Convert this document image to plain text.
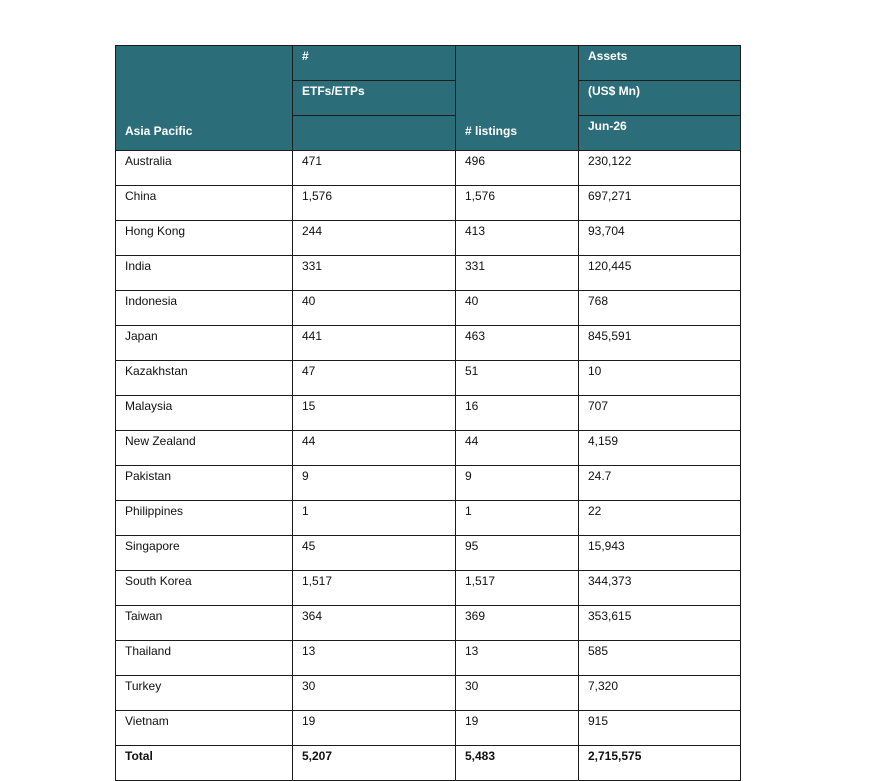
Asia Pacific	#	# listings	Assets
	ETFs/ETPs		(US$ Mn)
			Jun-26
Australia	471	496	230,122
China	1,576	1,576	697,271
Hong Kong	244	413	93,704
India	331	331	120,445
Indonesia	40	40	768
Japan	441	463	845,591
Kazakhstan	47	51	10
Malaysia	15	16	707
New Zealand	44	44	4,159
Pakistan	9	9	24.7
Philippines	1	1	22
Singapore	45	95	15,943
South Korea	1,517	1,517	344,373
Taiwan	364	369	353,615
Thailand	13	13	585
Turkey	30	30	7,320
Vietnam	19	19	915
Total	5,207	5,483	2,715,575
